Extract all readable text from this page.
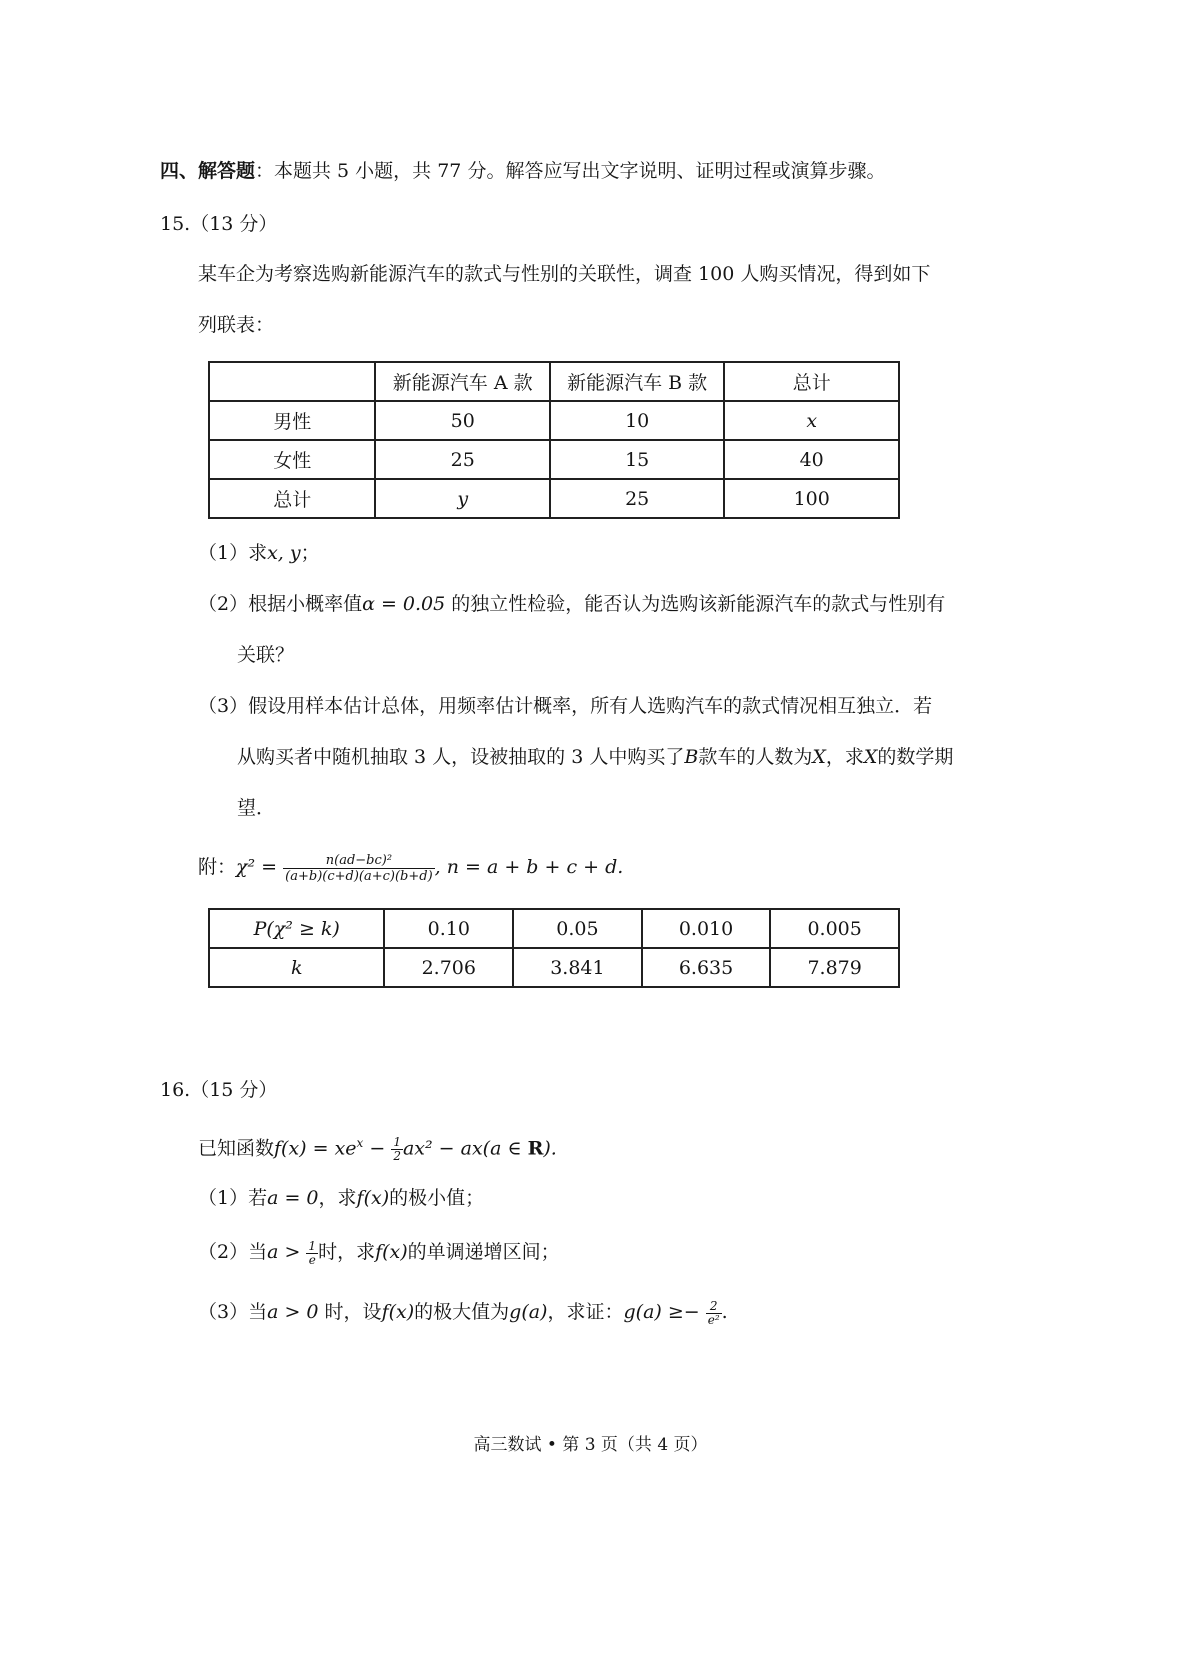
四、解答题：本题共 5 小题，共 77 分。解答应写出文字说明、证明过程或演算步骤。
15.（13 分）
某车企为考察选购新能源汽车的款式与性别的关联性，调查 100 人购买情况，得到如下
列联表：
	新能源汽车 A 款	新能源汽车 B 款	总计
男性	50	10	x
女性	25	15	40
总计	y	25	100
（1）求x, y；
（2）根据小概率值α = 0.05 的独立性检验，能否认为选购该新能源汽车的款式与性别有
关联？
（3）假设用样本估计总体，用频率估计概率，所有人选购汽车的款式情况相互独立．若
从购买者中随机抽取 3 人，设被抽取的 3 人中购买了B款车的人数为X，求X的数学期
望．
附：$\chi^2 = \frac{\text{n(ad−bc)²}}{(a+b)(c+d)(a+c)(b+d)}$ , n = a + b + c + d.
P(χ² ≥ k)	0.10	0.05	0.010	0.005
k	2.706	3.841	6.635	7.879
16.（15 分）
已知函数$f(x) = xe^x - \frac{1}{2} ax^2 - ax(a$ ∈ R).
（1）若a = 0，求f(x)的极小值；
（2）当$a > \frac{1}{e}$ 时，求f(x)的单调递增区间；
（3）当a > 0 时，设f(x)的极大值为g(a)，求证：$g(a) \ge- \frac{2}{\text{e²}}$ .
高三数试 • 第 3 页（共 4 页）
